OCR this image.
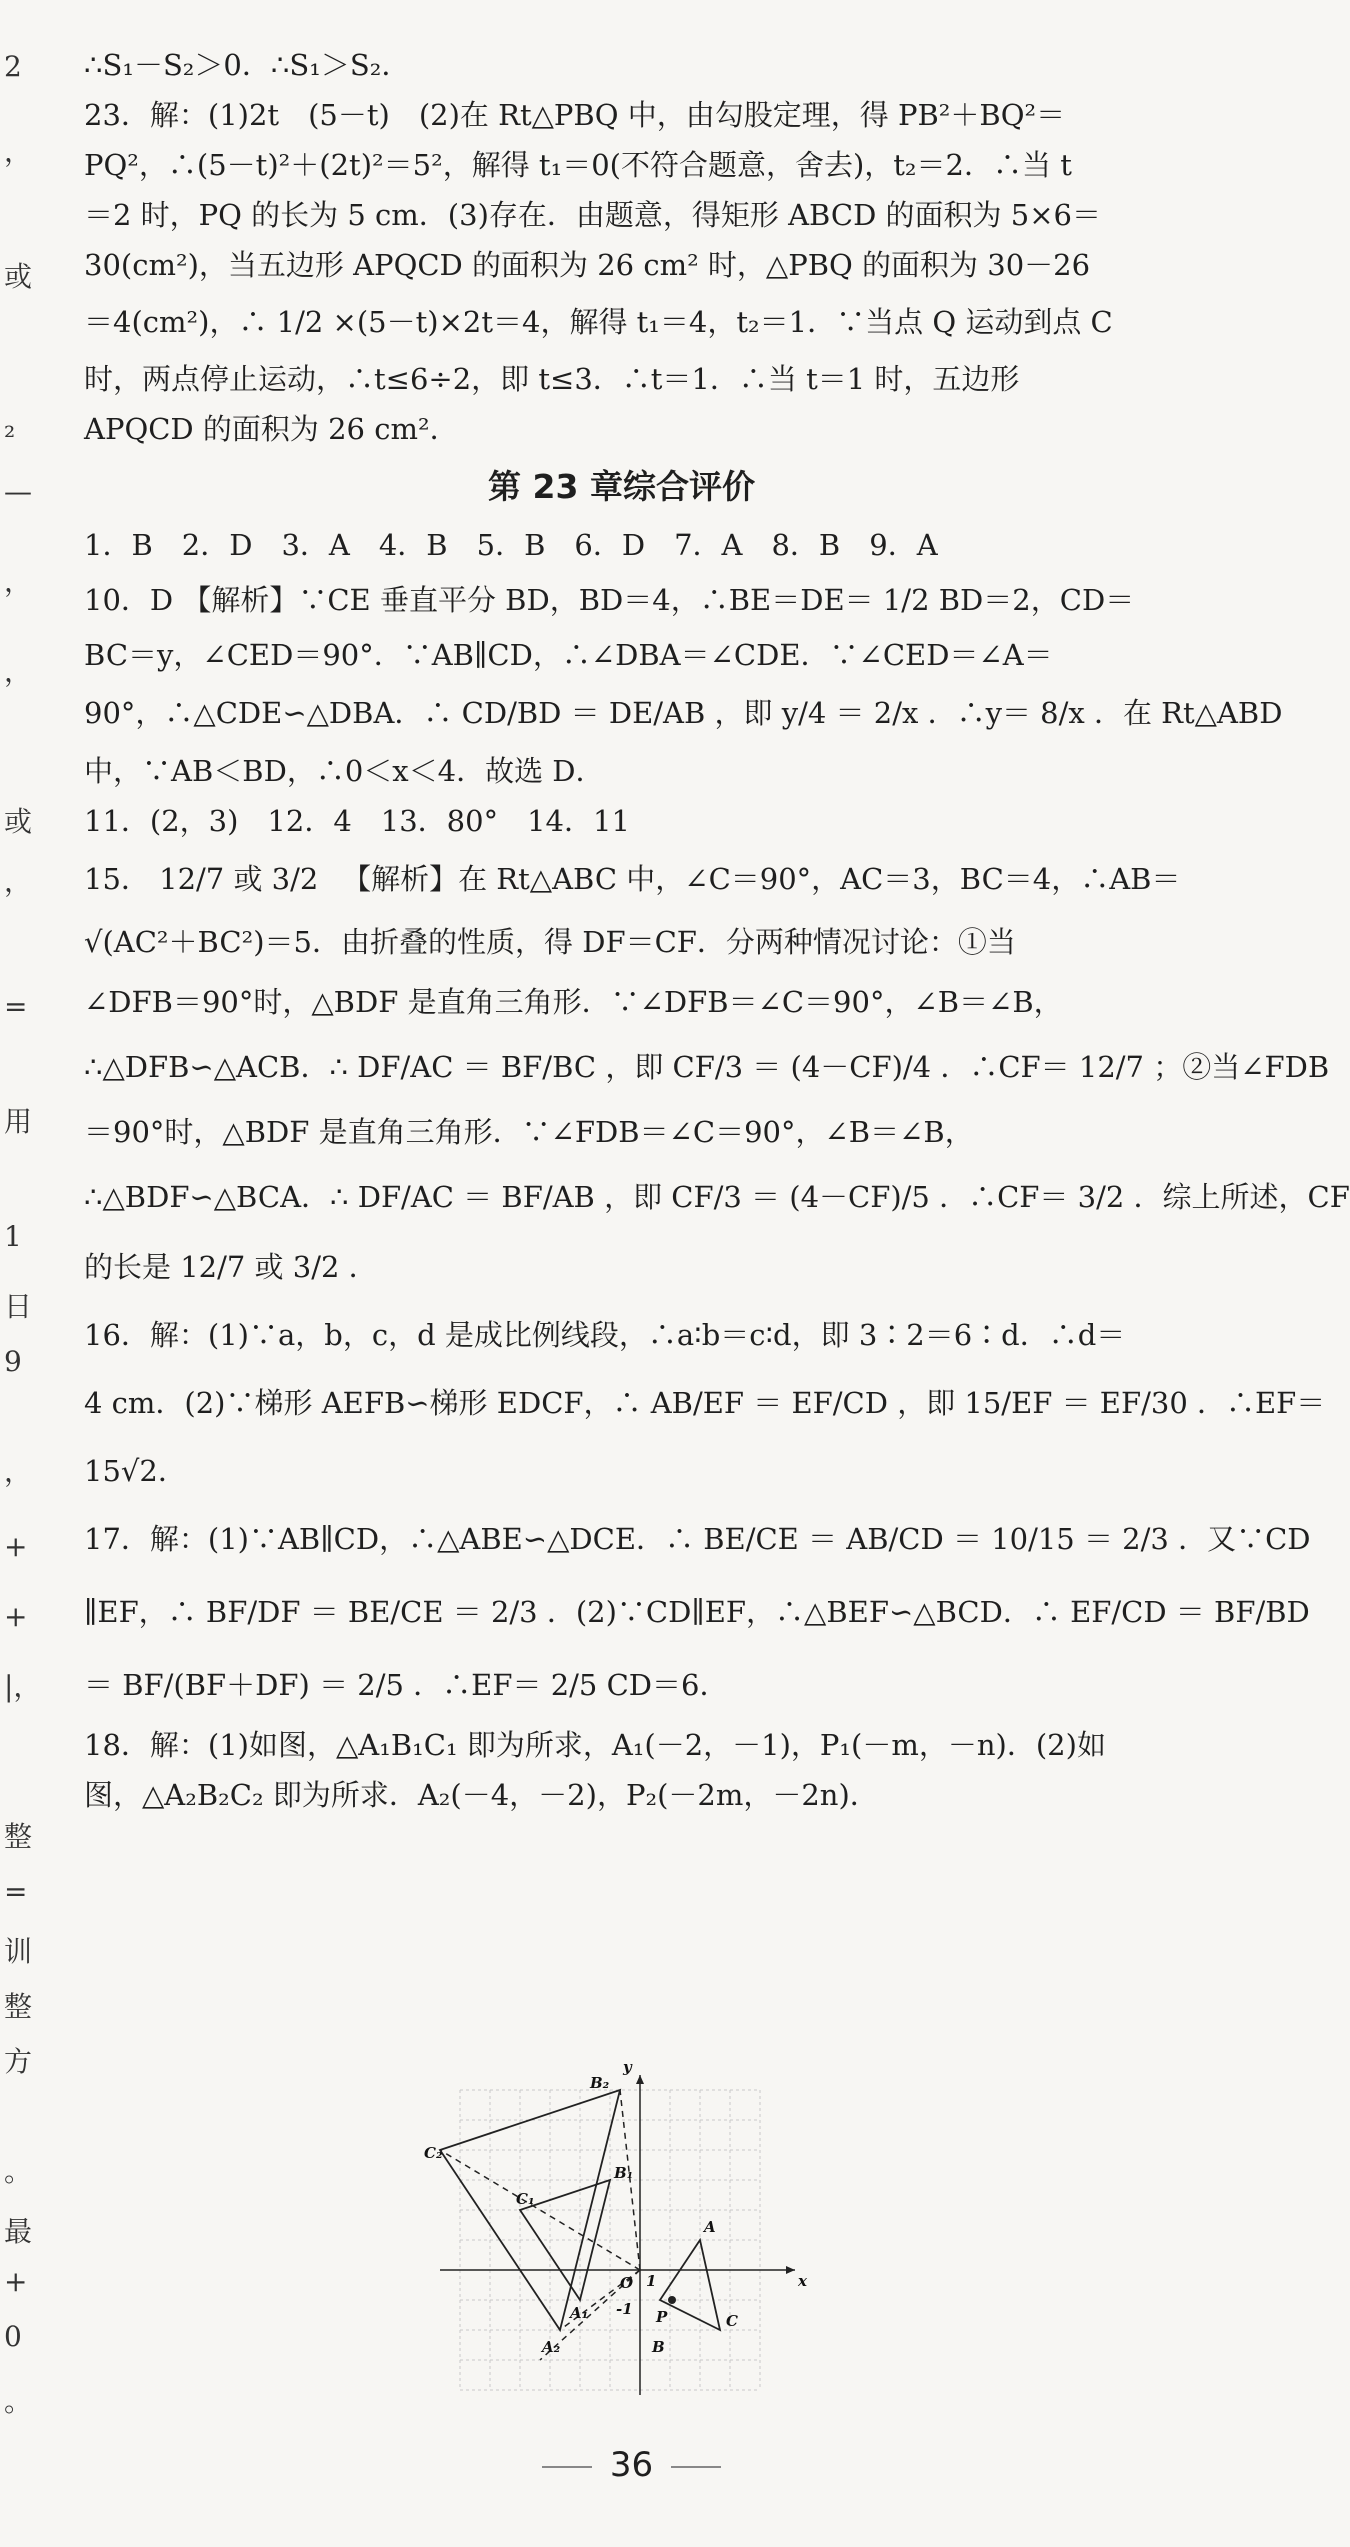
2
，
或
²
—
，
，
或
，
=
用
1
日
9
，
+
+
|，
整
=
训
整
方
。
最
+
0
。
∴S₁－S₂＞0．∴S₁＞S₂．
23．解：(1)2t　(5－t)　(2)在 Rt△PBQ 中，由勾股定理，得 PB²＋BQ²＝
PQ²，∴(5－t)²＋(2t)²＝5²，解得 t₁＝0(不符合题意，舍去)，t₂＝2．∴当 t
＝2 时，PQ 的长为 5 cm．(3)存在．由题意，得矩形 ABCD 的面积为 5×6＝
30(cm²)，当五边形 APQCD 的面积为 26 cm² 时，△PBQ 的面积为 30－26
＝4(cm²)，∴ 1/2 ×(5－t)×2t＝4，解得 t₁＝4，t₂＝1．∵当点 Q 运动到点 C
时，两点停止运动，∴t≤6÷2，即 t≤3．∴t＝1．∴当 t＝1 时，五边形
APQCD 的面积为 26 cm²．
第 23 章综合评价
1．B　2．D　3．A　4．B　5．B　6．D　7．A　8．B　9．A
10．D 【解析】∵CE 垂直平分 BD，BD＝4，∴BE＝DE＝ 1/2 BD＝2，CD＝
BC＝y，∠CED＝90°．∵AB∥CD，∴∠DBA＝∠CDE．∵∠CED＝∠A＝
90°，∴△CDE∽△DBA．∴ CD/BD ＝ DE/AB ，即 y/4 ＝ 2/x ．∴y＝ 8/x ．在 Rt△ABD
中，∵AB＜BD，∴0＜x＜4．故选 D．
11．(2，3)　12．4　13．80°　14．11
15． 12/7 或 3/2 　【解析】在 Rt△ABC 中，∠C＝90°，AC＝3，BC＝4，∴AB＝
√(AC²＋BC²)＝5．由折叠的性质，得 DF＝CF．分两种情况讨论：①当
∠DFB＝90°时，△BDF 是直角三角形．∵∠DFB＝∠C＝90°，∠B＝∠B，
∴△DFB∽△ACB．∴ DF/AC ＝ BF/BC ，即 CF/3 ＝ (4－CF)/4 ．∴CF＝ 12/7 ；②当∠FDB
＝90°时，△BDF 是直角三角形．∵∠FDB＝∠C＝90°，∠B＝∠B，
∴△BDF∽△BCA．∴ DF/AC ＝ BF/AB ，即 CF/3 ＝ (4－CF)/5 ．∴CF＝ 3/2 ．综上所述，CF
的长是 12/7 或 3/2 ．
16．解：(1)∵a，b，c，d 是成比例线段，∴a∶b＝c∶d，即 3∶2＝6∶d．∴d＝
4 cm．(2)∵梯形 AEFB∽梯形 EDCF，∴ AB/EF ＝ EF/CD ，即 15/EF ＝ EF/30 ．∴EF＝
15√2．
17．解：(1)∵AB∥CD，∴△ABE∽△DCE．∴ BE/CE ＝ AB/CD ＝ 10/15 ＝ 2/3 ．又∵CD
∥EF，∴ BF/DF ＝ BE/CE ＝ 2/3 ．(2)∵CD∥EF，∴△BEF∽△BCD．∴ EF/CD ＝ BF/BD
＝ BF/(BF＋DF) ＝ 2/5 ．∴EF＝ 2/5 CD＝6．
18．解：(1)如图，△A₁B₁C₁ 即为所求，A₁(－2，－1)，P₁(－m，－n)．(2)如
图，△A₂B₂C₂ 即为所求．A₂(－4，－2)，P₂(－2m，－2n)．
y
x
O 1
-1
A
B
C
P
A₁
B₁
C₁
A₂
B₂
C₂
36
